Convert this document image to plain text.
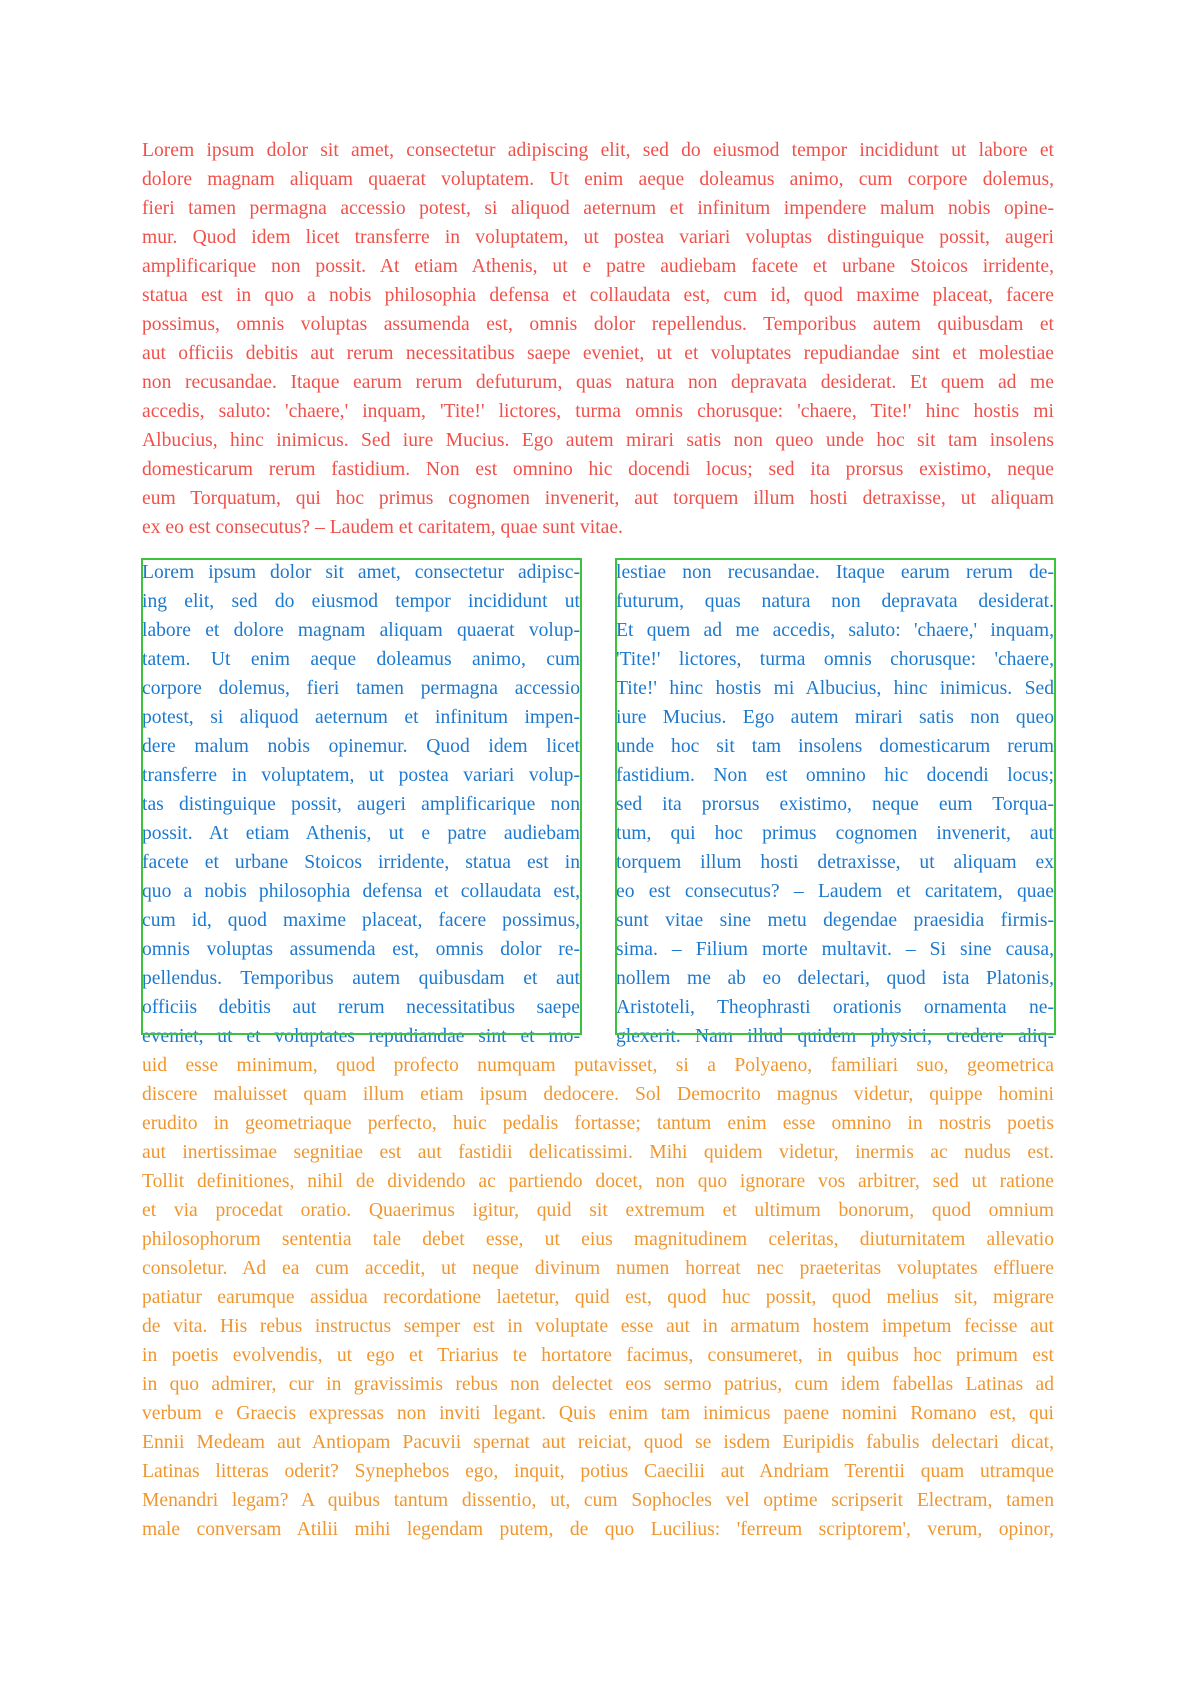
Lorem ipsum dolor sit amet, consectetur adipiscing elit, sed do eiusmod tempor incididunt ut labore et
dolore magnam aliquam quaerat voluptatem. Ut enim aeque doleamus animo, cum corpore dolemus,
fieri tamen permagna accessio potest, si aliquod aeternum et infinitum impendere malum nobis opine-
mur. Quod idem licet transferre in voluptatem, ut postea variari voluptas distinguique possit, augeri
amplificarique non possit. At etiam Athenis, ut e patre audiebam facete et urbane Stoicos irridente,
statua est in quo a nobis philosophia defensa et collaudata est, cum id, quod maxime placeat, facere
possimus, omnis voluptas assumenda est, omnis dolor repellendus. Temporibus autem quibusdam et
aut officiis debitis aut rerum necessitatibus saepe eveniet, ut et voluptates repudiandae sint et molestiae
non recusandae. Itaque earum rerum defuturum, quas natura non depravata desiderat. Et quem ad me
accedis, saluto: 'chaere,' inquam, 'Tite!' lictores, turma omnis chorusque: 'chaere, Tite!' hinc hostis mi
Albucius, hinc inimicus. Sed iure Mucius. Ego autem mirari satis non queo unde hoc sit tam insolens
domesticarum rerum fastidium. Non est omnino hic docendi locus; sed ita prorsus existimo, neque
eum Torquatum, qui hoc primus cognomen invenerit, aut torquem illum hosti detraxisse, ut aliquam
ex eo est consecutus? – Laudem et caritatem, quae sunt vitae.
Lorem ipsum dolor sit amet, consectetur adipisc-
ing elit, sed do eiusmod tempor incididunt ut
labore et dolore magnam aliquam quaerat volup-
tatem. Ut enim aeque doleamus animo, cum
corpore dolemus, fieri tamen permagna accessio
potest, si aliquod aeternum et infinitum impen-
dere malum nobis opinemur. Quod idem licet
transferre in voluptatem, ut postea variari volup-
tas distinguique possit, augeri amplificarique non
possit. At etiam Athenis, ut e patre audiebam
facete et urbane Stoicos irridente, statua est in
quo a nobis philosophia defensa et collaudata est,
cum id, quod maxime placeat, facere possimus,
omnis voluptas assumenda est, omnis dolor re-
pellendus. Temporibus autem quibusdam et aut
officiis debitis aut rerum necessitatibus saepe
eveniet, ut et voluptates repudiandae sint et mo-
lestiae non recusandae. Itaque earum rerum de-
futurum, quas natura non depravata desiderat.
Et quem ad me accedis, saluto: 'chaere,' inquam,
'Tite!' lictores, turma omnis chorusque: 'chaere,
Tite!' hinc hostis mi Albucius, hinc inimicus. Sed
iure Mucius. Ego autem mirari satis non queo
unde hoc sit tam insolens domesticarum rerum
fastidium. Non est omnino hic docendi locus;
sed ita prorsus existimo, neque eum Torqua-
tum, qui hoc primus cognomen invenerit, aut
torquem illum hosti detraxisse, ut aliquam ex
eo est consecutus? – Laudem et caritatem, quae
sunt vitae sine metu degendae praesidia firmis-
sima. – Filium morte multavit. – Si sine causa,
nollem me ab eo delectari, quod ista Platonis,
Aristoteli, Theophrasti orationis ornamenta ne-
glexerit. Nam illud quidem physici, credere aliq-
uid esse minimum, quod profecto numquam putavisset, si a Polyaeno, familiari suo, geometrica
discere maluisset quam illum etiam ipsum dedocere. Sol Democrito magnus videtur, quippe homini
erudito in geometriaque perfecto, huic pedalis fortasse; tantum enim esse omnino in nostris poetis
aut inertissimae segnitiae est aut fastidii delicatissimi. Mihi quidem videtur, inermis ac nudus est.
Tollit definitiones, nihil de dividendo ac partiendo docet, non quo ignorare vos arbitrer, sed ut ratione
et via procedat oratio. Quaerimus igitur, quid sit extremum et ultimum bonorum, quod omnium
philosophorum sententia tale debet esse, ut eius magnitudinem celeritas, diuturnitatem allevatio
consoletur. Ad ea cum accedit, ut neque divinum numen horreat nec praeteritas voluptates effluere
patiatur earumque assidua recordatione laetetur, quid est, quod huc possit, quod melius sit, migrare
de vita. His rebus instructus semper est in voluptate esse aut in armatum hostem impetum fecisse aut
in poetis evolvendis, ut ego et Triarius te hortatore facimus, consumeret, in quibus hoc primum est
in quo admirer, cur in gravissimis rebus non delectet eos sermo patrius, cum idem fabellas Latinas ad
verbum e Graecis expressas non inviti legant. Quis enim tam inimicus paene nomini Romano est, qui
Ennii Medeam aut Antiopam Pacuvii spernat aut reiciat, quod se isdem Euripidis fabulis delectari dicat,
Latinas litteras oderit? Synephebos ego, inquit, potius Caecilii aut Andriam Terentii quam utramque
Menandri legam? A quibus tantum dissentio, ut, cum Sophocles vel optime scripserit Electram, tamen
male conversam Atilii mihi legendam putem, de quo Lucilius: 'ferreum scriptorem', verum, opinor,
